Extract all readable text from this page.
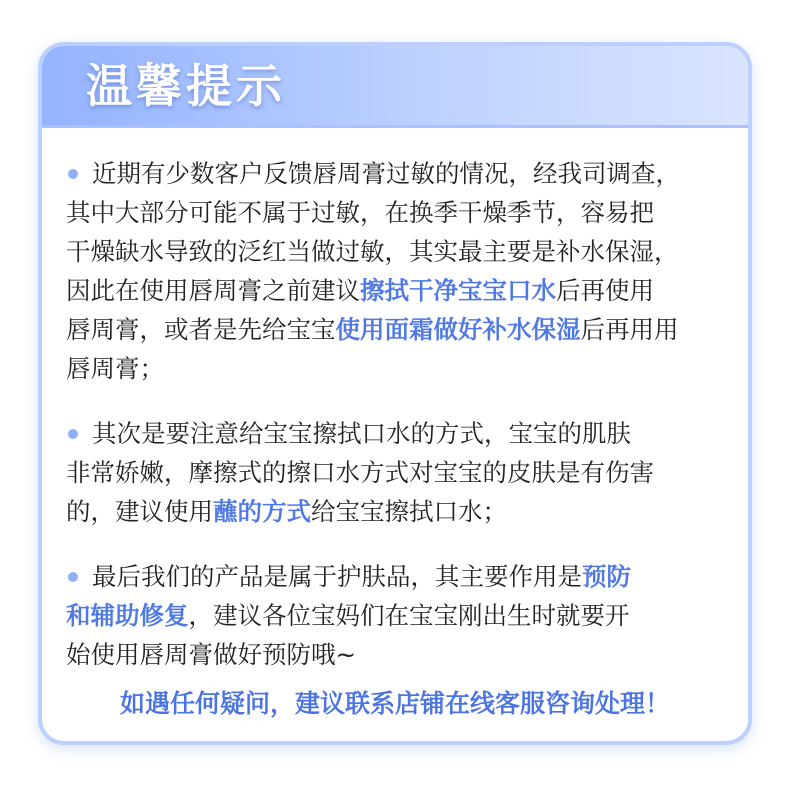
温馨提示
近期有少数客户反馈唇周膏过敏的情况，经我司调查，
其中大部分可能不属于过敏，在换季干燥季节，容易把
干燥缺水导致的泛红当做过敏，其实最主要是补水保湿，
因此在使用唇周膏之前建议擦拭干净宝宝口水后再使用
唇周膏，或者是先给宝宝使用面霜做好补水保湿后再用用
唇周膏；
其次是要注意给宝宝擦拭口水的方式，宝宝的肌肤
非常娇嫩，摩擦式的擦口水方式对宝宝的皮肤是有伤害
的，建议使用蘸的方式给宝宝擦拭口水；
最后我们的产品是属于护肤品，其主要作用是预防
和辅助修复，建议各位宝妈们在宝宝刚出生时就要开
始使用唇周膏做好预防哦~
如遇任何疑问，建议联系店铺在线客服咨询处理！
